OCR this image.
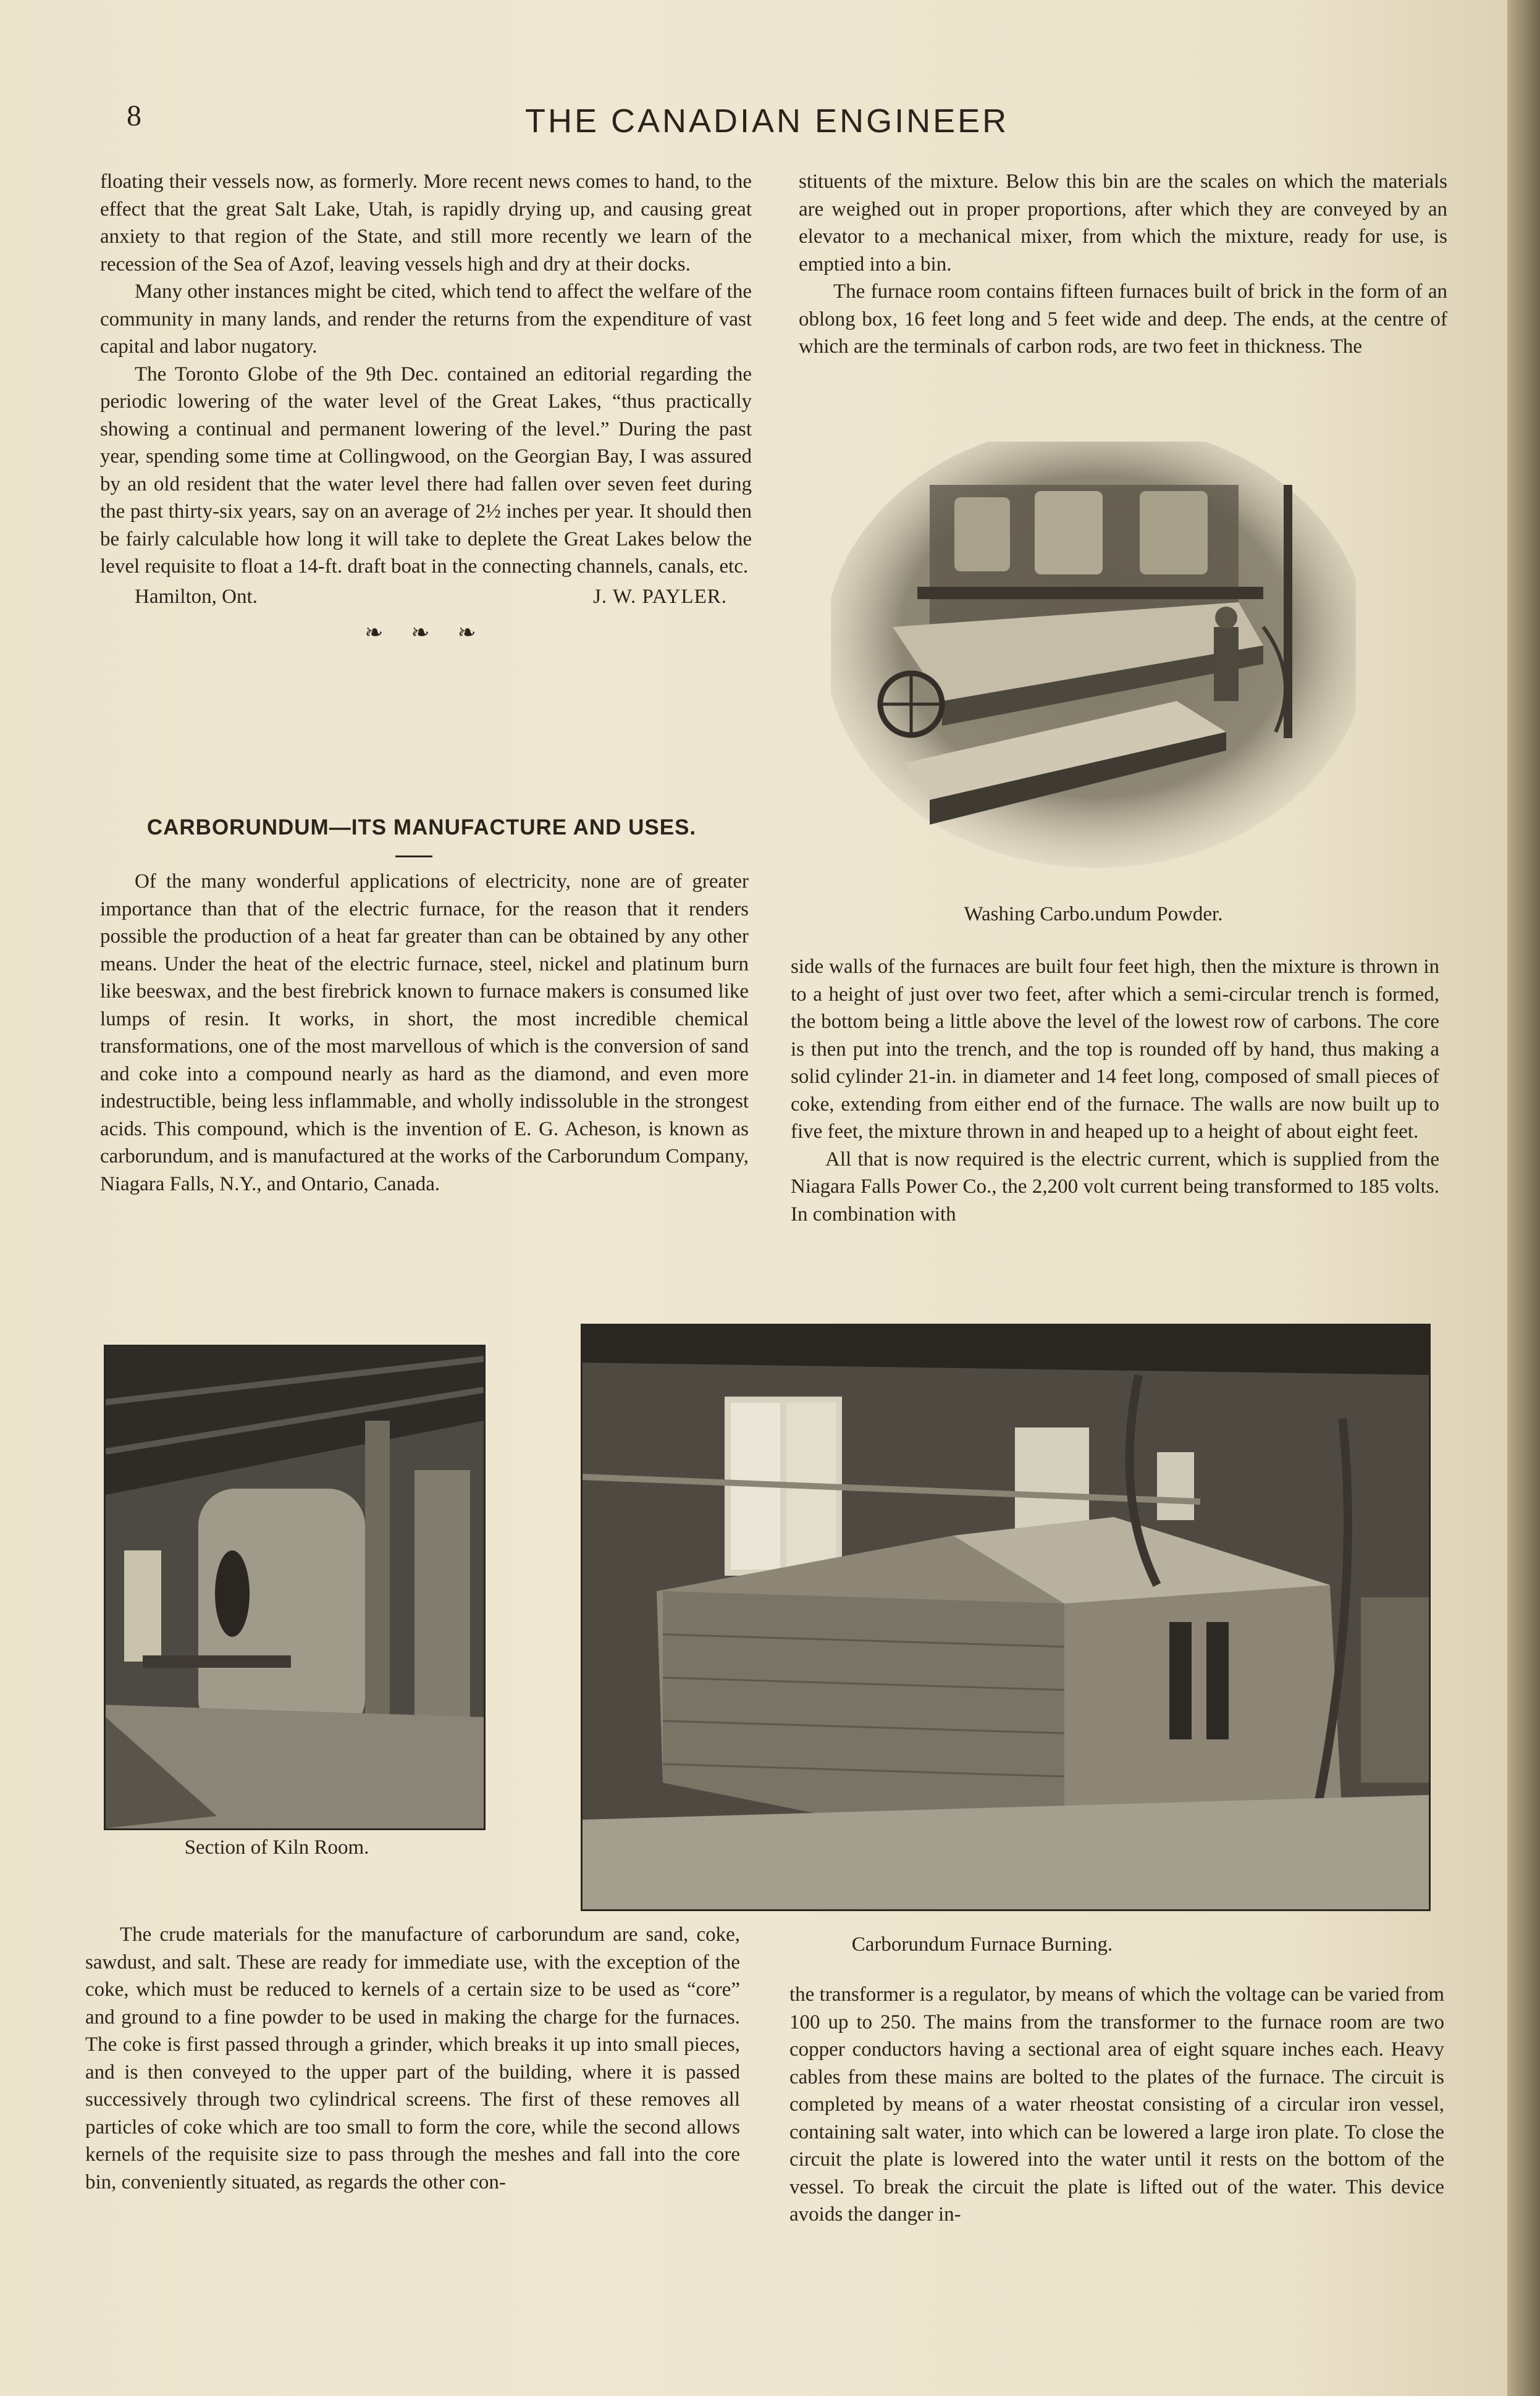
8	THE CANADIAN ENGINEER

floating their vessels now, as formerly. More recent news comes to hand, to the effect that the great Salt Lake, Utah, is rapidly drying up, and causing great anxiety to that region of the State, and still more recently we learn of the recession of the Sea of Azof, leaving vessels high and dry at their docks.

Many other instances might be cited, which tend to affect the welfare of the community in many lands, and render the returns from the expenditure of vast capital and labor nugatory.

The Toronto Globe of the 9th Dec. contained an editorial regarding the periodic lowering of the water level of the Great Lakes, “thus practically showing a continual and permanent lowering of the level.” During the past year, spending some time at Collingwood, on the Georgian Bay, I was assured by an old resident that the water level there had fallen over seven feet during the past thirty-six years, say on an average of 2½ inches per year. It should then be fairly calculable how long it will take to deplete the Great Lakes below the level requisite to float a 14-ft. draft boat in the connecting channels, canals, etc.

Hamilton, Ont.	J. W. PAYLER.
❧ ❧ ❧
CARBORUNDUM—ITS MANUFACTURE AND USES.

Of the many wonderful applications of electricity, none are of greater importance than that of the electric furnace, for the reason that it renders possible the production of a heat far greater than can be obtained by any other means. Under the heat of the electric furnace, steel, nickel and platinum burn like beeswax, and the best firebrick known to furnace makers is consumed like lumps of resin. It works, in short, the most incredible chemical transformations, one of the most marvellous of which is the conversion of sand and coke into a compound nearly as hard as the diamond, and even more indestructible, being less inflammable, and wholly indissoluble in the strongest acids. This compound, which is the invention of E. G. Acheson, is known as carborundum, and is manufactured at the works of the Carborundum Company, Niagara Falls, N.Y., and Ontario, Canada.

stituents of the mixture. Below this bin are the scales on which the materials are weighed out in proper proportions, after which they are conveyed by an elevator to a mechanical mixer, from which the mixture, ready for use, is emptied into a bin.

The furnace room contains fifteen furnaces built of brick in the form of an oblong box, 16 feet long and 5 feet wide and deep. The ends, at the centre of which are the terminals of carbon rods, are two feet in thickness. The

Washing Carbo.undum Powder.

side walls of the furnaces are built four feet high, then the mixture is thrown in to a height of just over two feet, after which a semi-circular trench is formed, the bottom being a little above the level of the lowest row of carbons. The core is then put into the trench, and the top is rounded off by hand, thus making a solid cylinder 21-in. in diameter and 14 feet long, composed of small pieces of coke, extending from either end of the furnace. The walls are now built up to five feet, the mixture thrown in and heaped up to a height of about eight feet.

All that is now required is the electric current, which is supplied from the Niagara Falls Power Co., the 2,200 volt current being transformed to 185 volts. In combination with

Section of Kiln Room.
Carborundum Furnace Burning.

The crude materials for the manufacture of carborundum are sand, coke, sawdust, and salt. These are ready for immediate use, with the exception of the coke, which must be reduced to kernels of a certain size to be used as “core” and ground to a fine powder to be used in making the charge for the furnaces. The coke is first passed through a grinder, which breaks it up into small pieces, and is then conveyed to the upper part of the building, where it is passed successively through two cylindrical screens. The first of these removes all particles of coke which are too small to form the core, while the second allows kernels of the requisite size to pass through the meshes and fall into the core bin, conveniently situated, as regards the other con-

the transformer is a regulator, by means of which the voltage can be varied from 100 up to 250. The mains from the transformer to the furnace room are two copper conductors having a sectional area of eight square inches each. Heavy cables from these mains are bolted to the plates of the furnace. The circuit is completed by means of a water rheostat consisting of a circular iron vessel, containing salt water, into which can be lowered a large iron plate. To close the circuit the plate is lowered into the water until it rests on the bottom of the vessel. To break the circuit the plate is lifted out of the water. This device avoids the danger in-
